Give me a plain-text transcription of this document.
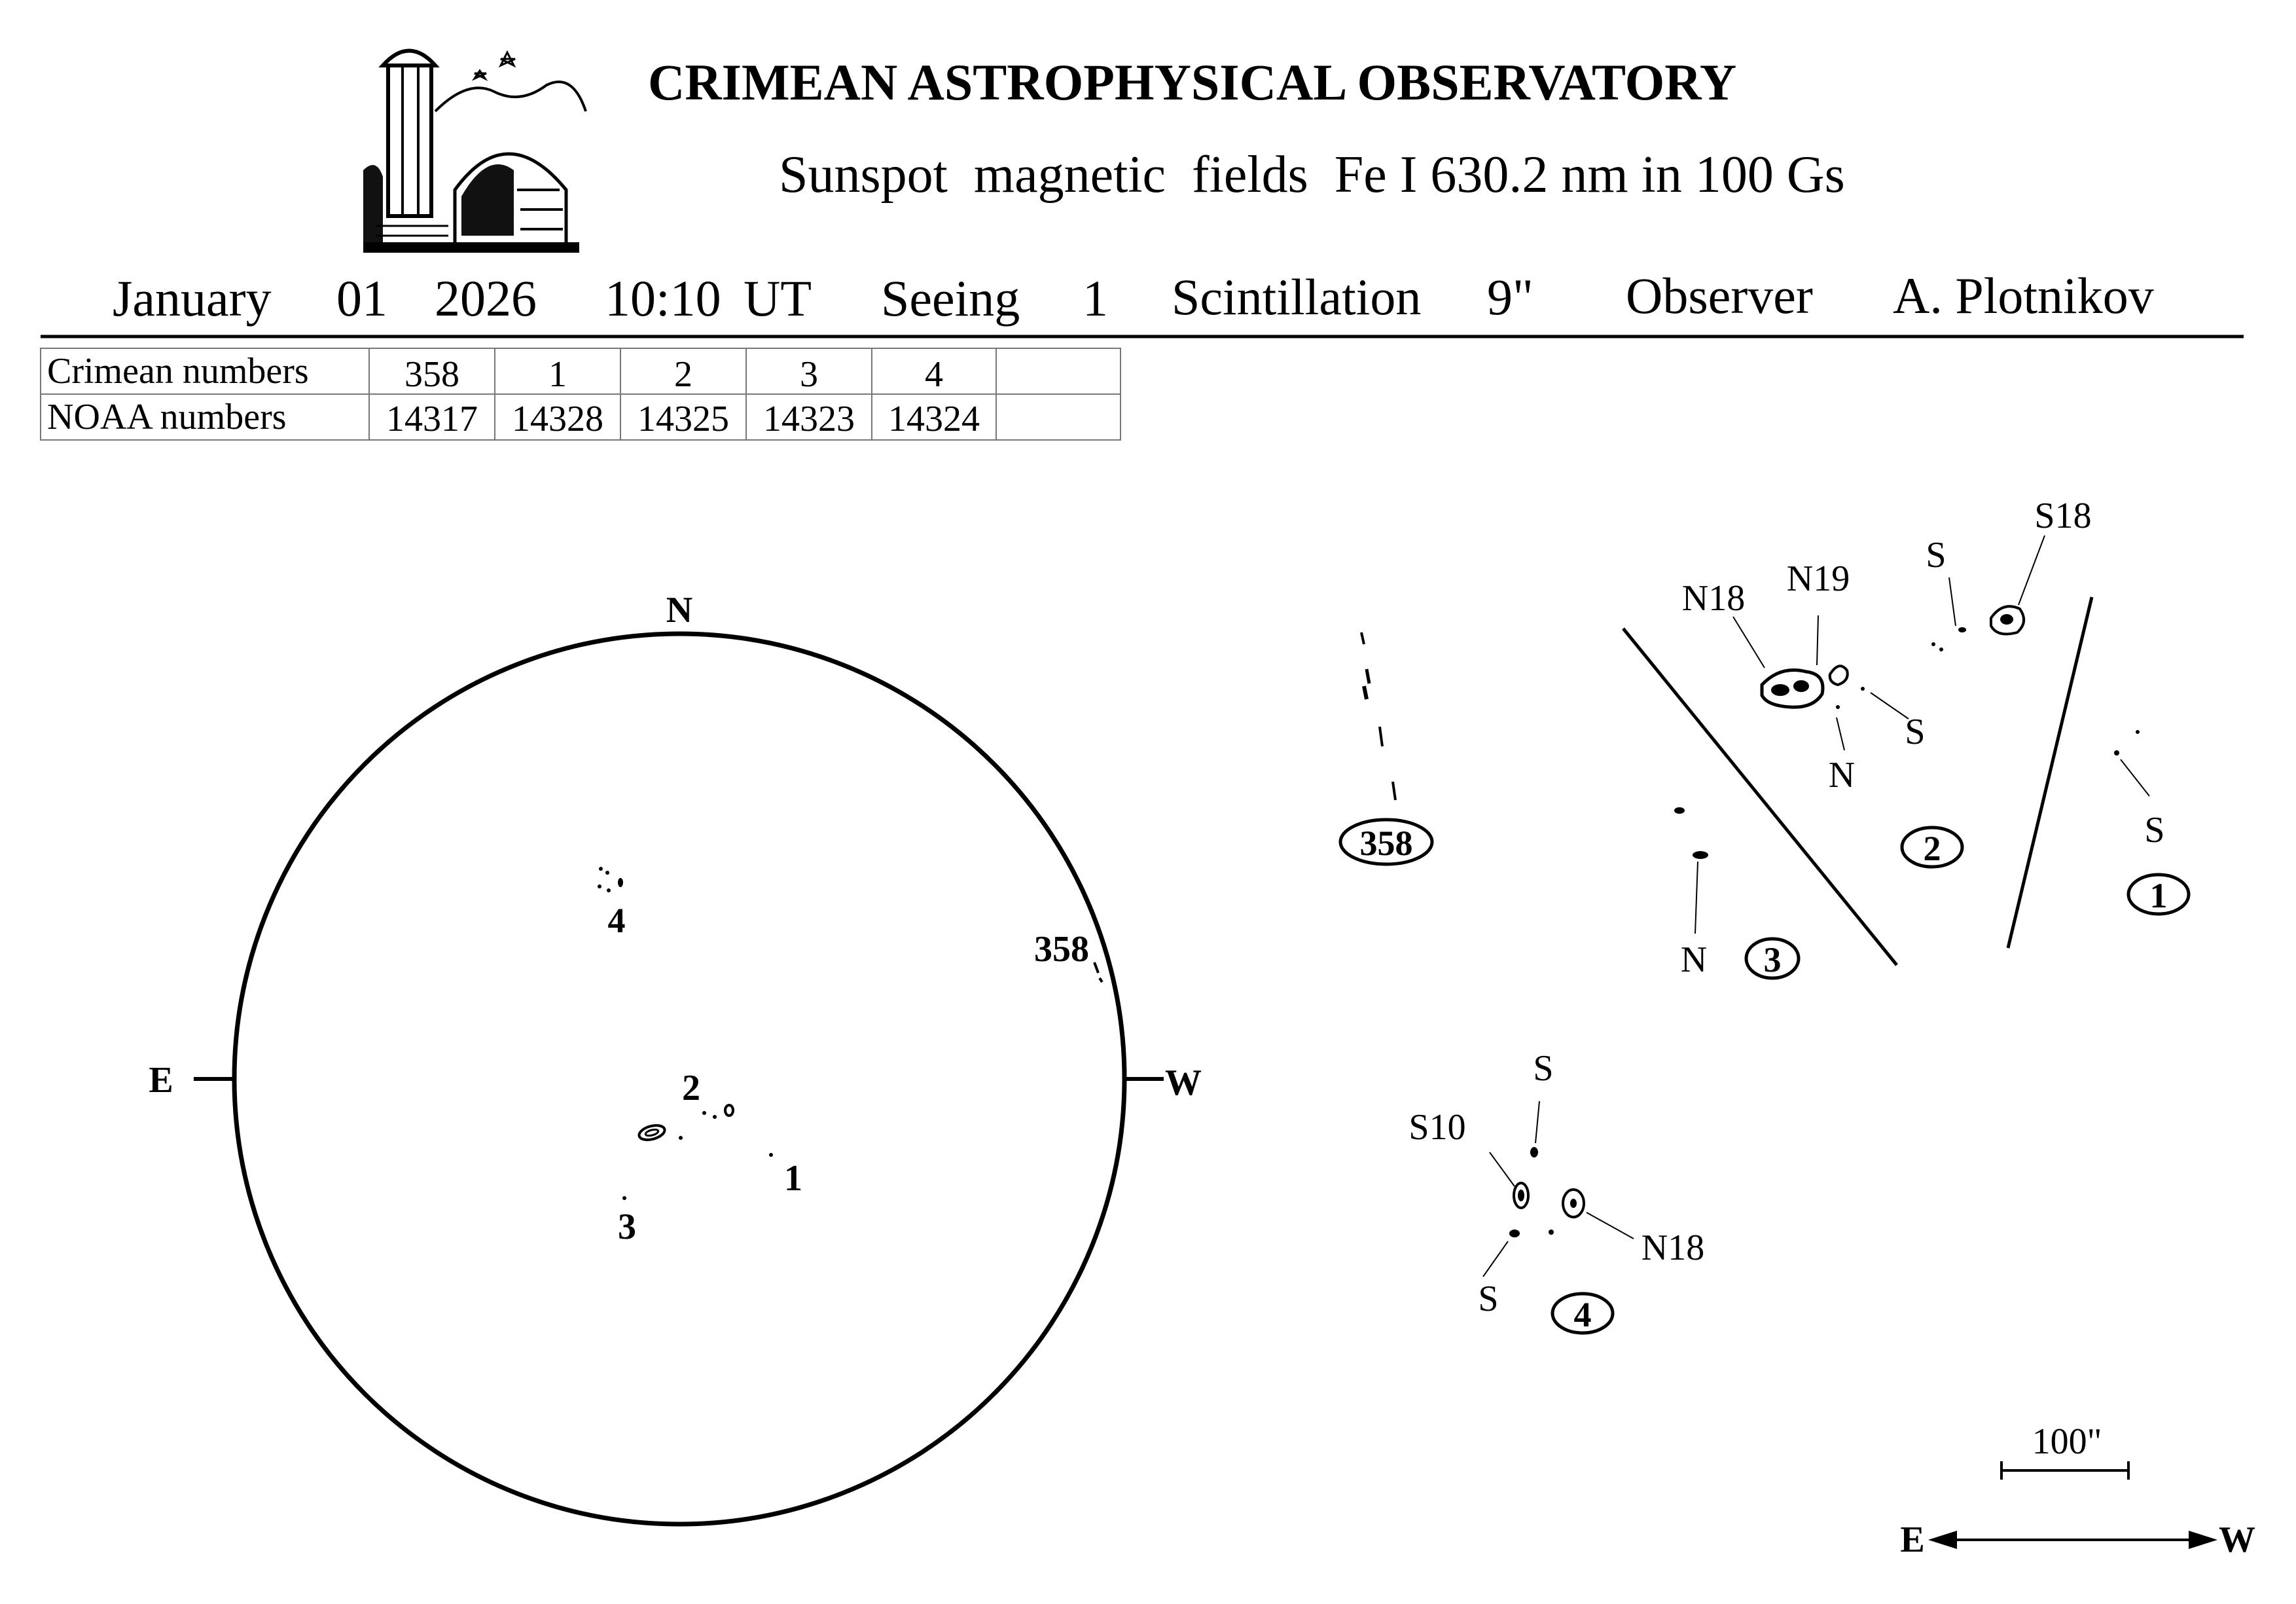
CRIMEAN ASTROPHYSICAL OBSERVATORY
Sunspot  magnetic  fields  Fe I 630.2 nm in 100 Gs
January 01 2026 10:10 UT Seeing 1 Scintillation 9" Observer A. Plotnikov
Crimean numbers	358 1	2	3	4
NOAA numbers	14317 14328 14325 14323 14324
N
E	W
4
358
2
1
3
358
N18 N19
S
S18
S
N
2
N 3
S
1
S
S10
N18
S 4
100"
E	W
